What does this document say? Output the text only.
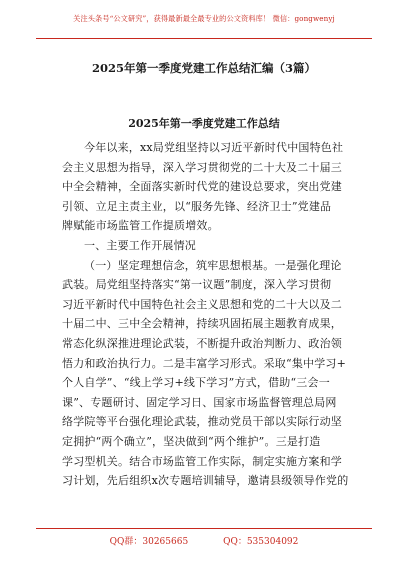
关注头条号“公文研究”，获得最新最全最专业的公文资料库！ 微信：gongwenyj
2025年第一季度党建工作总结汇编（3篇）
2025年第一季度党建工作总结
今年以来，xx局党组坚持以习近平新时代中国特色社
会主义思想为指导，深入学习贯彻党的二十大及二十届三
中全会精神，全面落实新时代党的建设总要求，突出党建
引领、立足主责主业，以“服务先锋、经济卫士”党建品
牌赋能市场监管工作提质增效。
一、主要工作开展情况
（一）坚定理想信念，筑牢思想根基。一是强化理论
武装。局党组坚持落实“第一议题”制度，深入学习贯彻
习近平新时代中国特色社会主义思想和党的二十大以及二
十届二中、三中全会精神，持续巩固拓展主题教育成果，
常态化纵深推进理论武装，不断提升政治判断力、政治领
悟力和政治执行力。二是丰富学习形式。采取“集中学习+
个人自学”、“线上学习+线下学习”方式，借助“三会一
课”、专题研讨、固定学习日、国家市场监督管理总局网
络学院等平台强化理论武装，推动党员干部以实际行动坚
定拥护“两个确立”，坚决做到“两个维护”。三是打造
学习型机关。结合市场监管工作实际，制定实施方案和学
习计划，先后组织x次专题培训辅导，邀请县级领导作党的
QQ群：30265665	QQ：535304092
